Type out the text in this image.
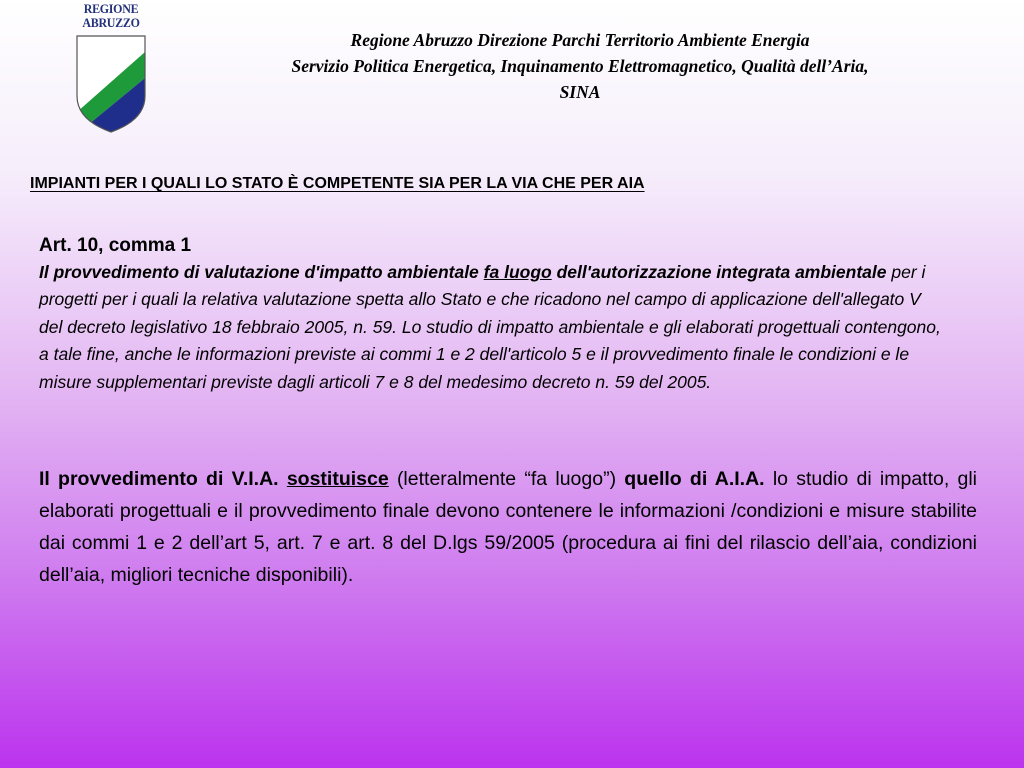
REGIONE
ABRUZZO
Regione Abruzzo Direzione Parchi Territorio Ambiente Energia
Servizio Politica Energetica, Inquinamento Elettromagnetico, Qualità dell’Aria,
SINA
IMPIANTI PER I QUALI LO STATO È COMPETENTE SIA PER LA VIA CHE PER AIA
Art. 10, comma 1
Il provvedimento di valutazione d'impatto ambientale fa luogo dell'autorizzazione integrata ambientale per i progetti per i quali la relativa valutazione spetta allo Stato e che ricadono nel campo di applicazione dell'allegato V del decreto legislativo 18 febbraio 2005, n. 59. Lo studio di impatto ambientale e gli elaborati progettuali contengono, a tale fine, anche le informazioni previste ai commi 1 e 2 dell'articolo 5 e il provvedimento finale le condizioni e le misure supplementari previste dagli articoli 7 e 8 del medesimo decreto n. 59 del 2005.
Il provvedimento di V.I.A. sostituisce (letteralmente “fa luogo”) quello di A.I.A. lo studio di impatto, gli elaborati progettuali e il provvedimento finale devono contenere le informazioni /condizioni e misure stabilite dai commi 1 e 2 dell’art 5, art. 7 e art. 8 del D.lgs 59/2005 (procedura ai fini del rilascio dell’aia, condizioni dell’aia, migliori tecniche disponibili).
